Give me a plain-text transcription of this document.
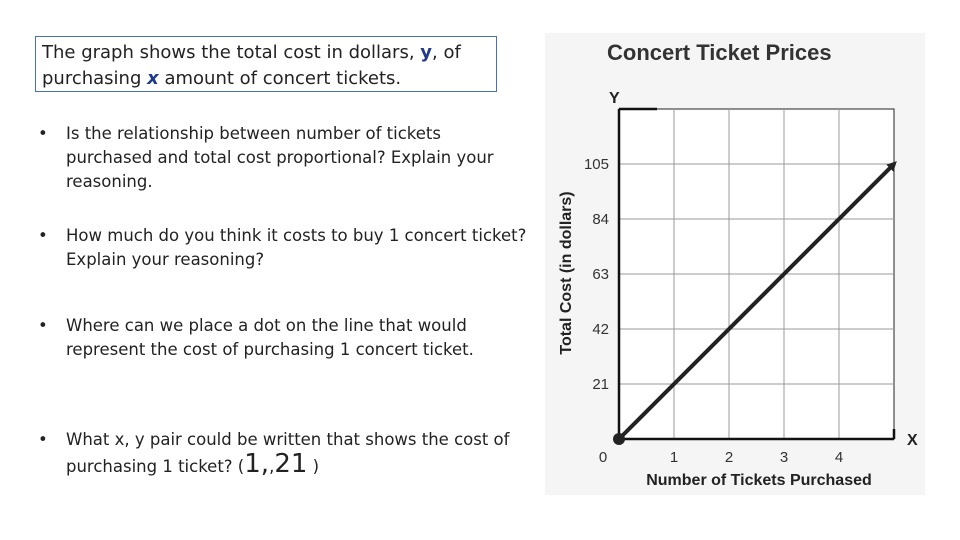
The graph shows the total cost in dollars, y, of purchasing x amount of concert tickets.
•	Is the relationship between number of tickets purchased and total cost proportional? Explain your reasoning.
•	How much do you think it costs to buy 1 concert ticket? Explain your reasoning?
•	Where can we place a dot on the line that would represent the cost of purchasing 1 concert ticket.
•	What x, y pair could be written that shows the cost of purchasing 1 ticket? (1,,21 )
Concert Ticket Prices
Y
X
Total Cost (in dollars)
Number of Tickets Purchased
0	1	2	3	4
21
42
63
84
105
